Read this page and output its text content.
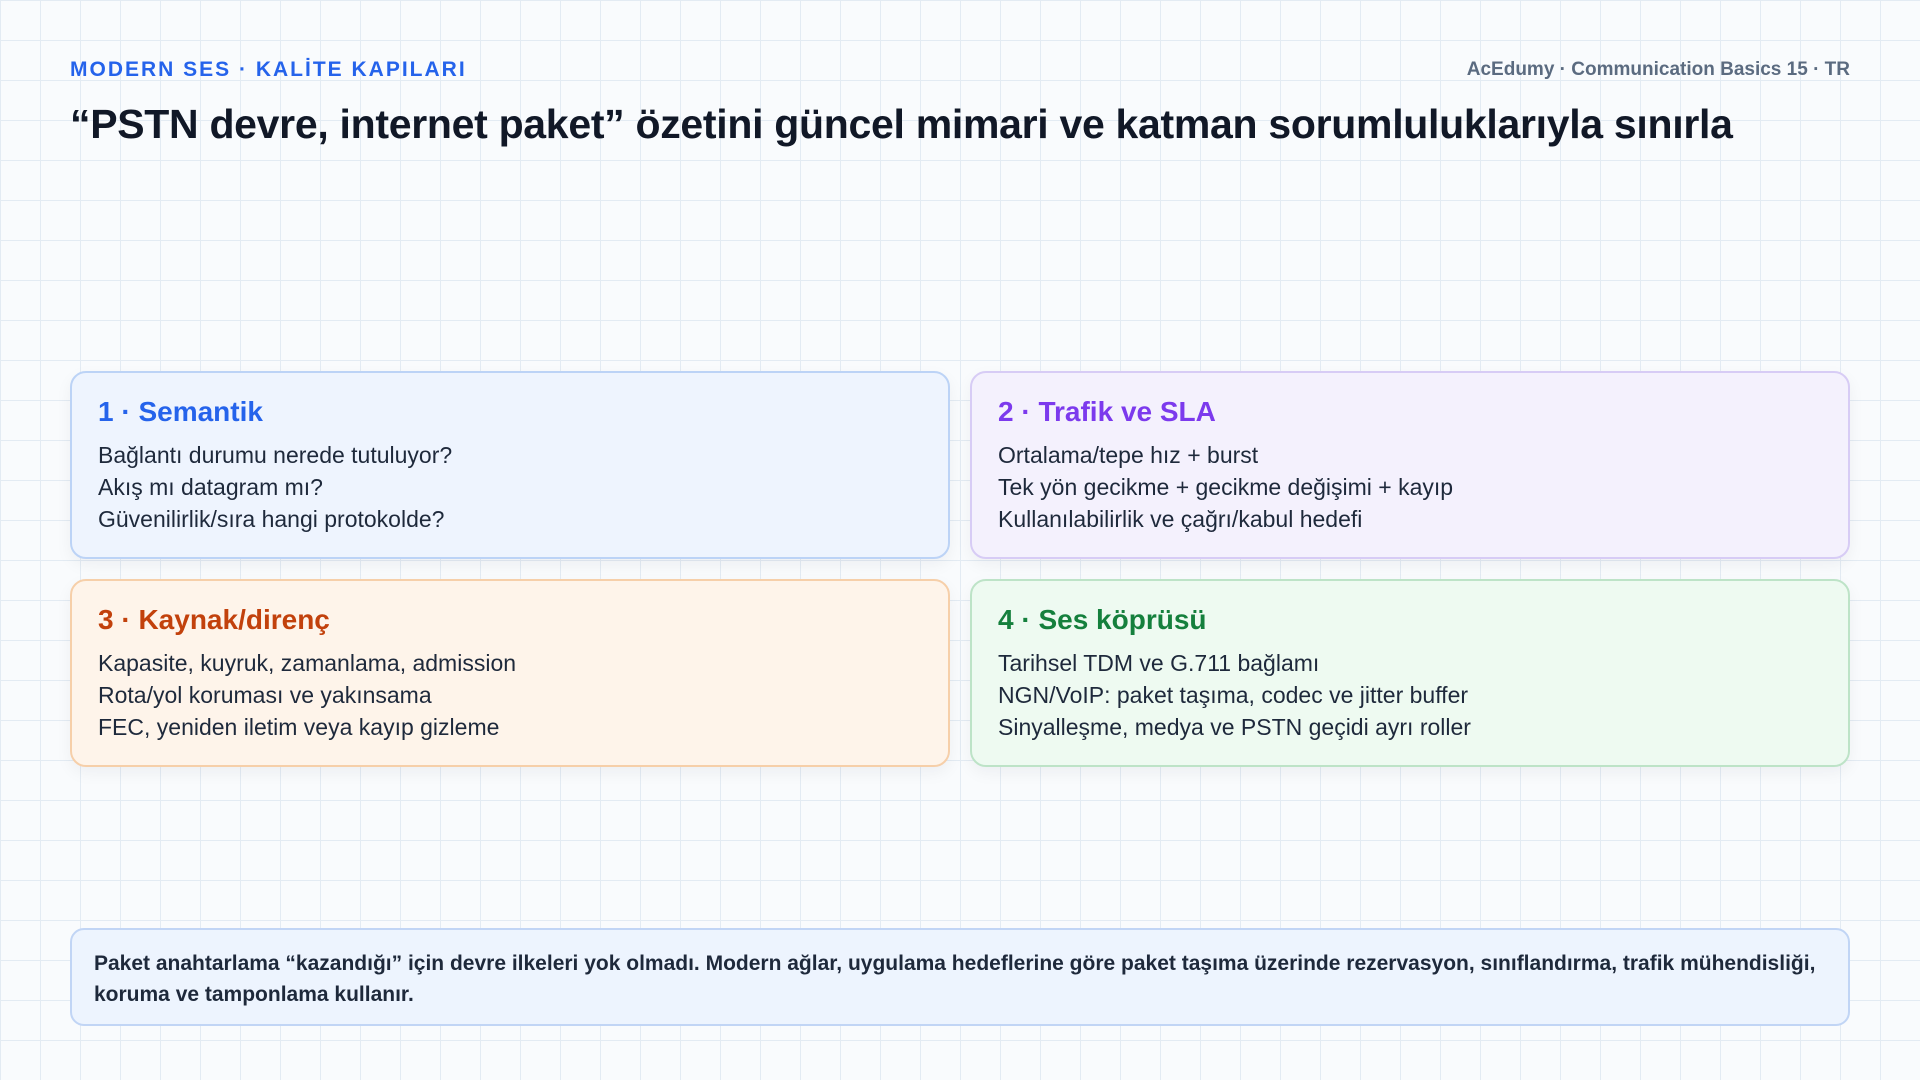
MODERN SES · KALİTE KAPILARI	AcEdumy · Communication Basics 15 · TR
“PSTN devre, internet paket” özetini güncel mimari ve katman sorumluluklarıyla sınırla
1 · Semantik
Bağlantı durumu nerede tutuluyor?
Akış mı datagram mı?
Güvenilirlik/sıra hangi protokolde?
2 · Trafik ve SLA
Ortalama/tepe hız + burst
Tek yön gecikme + gecikme değişimi + kayıp
Kullanılabilirlik ve çağrı/kabul hedefi
3 · Kaynak/direnç
Kapasite, kuyruk, zamanlama, admission
Rota/yol koruması ve yakınsama
FEC, yeniden iletim veya kayıp gizleme
4 · Ses köprüsü
Tarihsel TDM ve G.711 bağlamı
NGN/VoIP: paket taşıma, codec ve jitter buffer
Sinyalleşme, medya ve PSTN geçidi ayrı roller
Paket anahtarlama “kazandığı” için devre ilkeleri yok olmadı. Modern ağlar, uygulama hedeflerine göre paket taşıma üzerinde rezervasyon, sınıflandırma, trafik mühendisliği, koruma ve tamponlama kullanır.
